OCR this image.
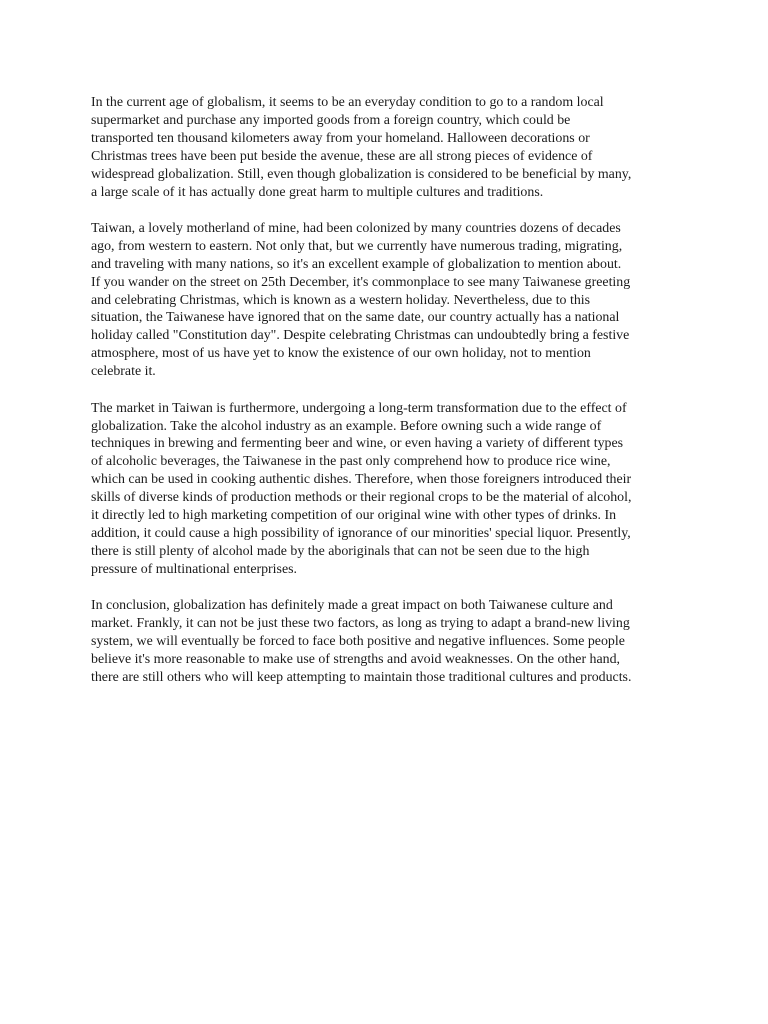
In the current age of globalism, it seems to be an everyday condition to go to a random local
supermarket and purchase any imported goods from a foreign country, which could be
transported ten thousand kilometers away from your homeland. Halloween decorations or
Christmas trees have been put beside the avenue, these are all strong pieces of evidence of
widespread globalization. Still, even though globalization is considered to be beneficial by many,
a large scale of it has actually done great harm to multiple cultures and traditions.
Taiwan, a lovely motherland of mine, had been colonized by many countries dozens of decades
ago, from western to eastern. Not only that, but we currently have numerous trading, migrating,
and traveling with many nations, so it's an excellent example of globalization to mention about.
If you wander on the street on 25th December, it's commonplace to see many Taiwanese greeting
and celebrating Christmas, which is known as a western holiday. Nevertheless, due to this
situation, the Taiwanese have ignored that on the same date, our country actually has a national
holiday called "Constitution day". Despite celebrating Christmas can undoubtedly bring a festive
atmosphere, most of us have yet to know the existence of our own holiday, not to mention
celebrate it.
The market in Taiwan is furthermore, undergoing a long-term transformation due to the effect of
globalization. Take the alcohol industry as an example. Before owning such a wide range of
techniques in brewing and fermenting beer and wine, or even having a variety of different types
of alcoholic beverages, the Taiwanese in the past only comprehend how to produce rice wine,
which can be used in cooking authentic dishes. Therefore, when those foreigners introduced their
skills of diverse kinds of production methods or their regional crops to be the material of alcohol,
it directly led to high marketing competition of our original wine with other types of drinks. In
addition, it could cause a high possibility of ignorance of our minorities' special liquor. Presently,
there is still plenty of alcohol made by the aboriginals that can not be seen due to the high
pressure of multinational enterprises.
In conclusion, globalization has definitely made a great impact on both Taiwanese culture and
market. Frankly, it can not be just these two factors, as long as trying to adapt a brand-new living
system, we will eventually be forced to face both positive and negative influences. Some people
believe it's more reasonable to make use of strengths and avoid weaknesses. On the other hand,
there are still others who will keep attempting to maintain those traditional cultures and products.
